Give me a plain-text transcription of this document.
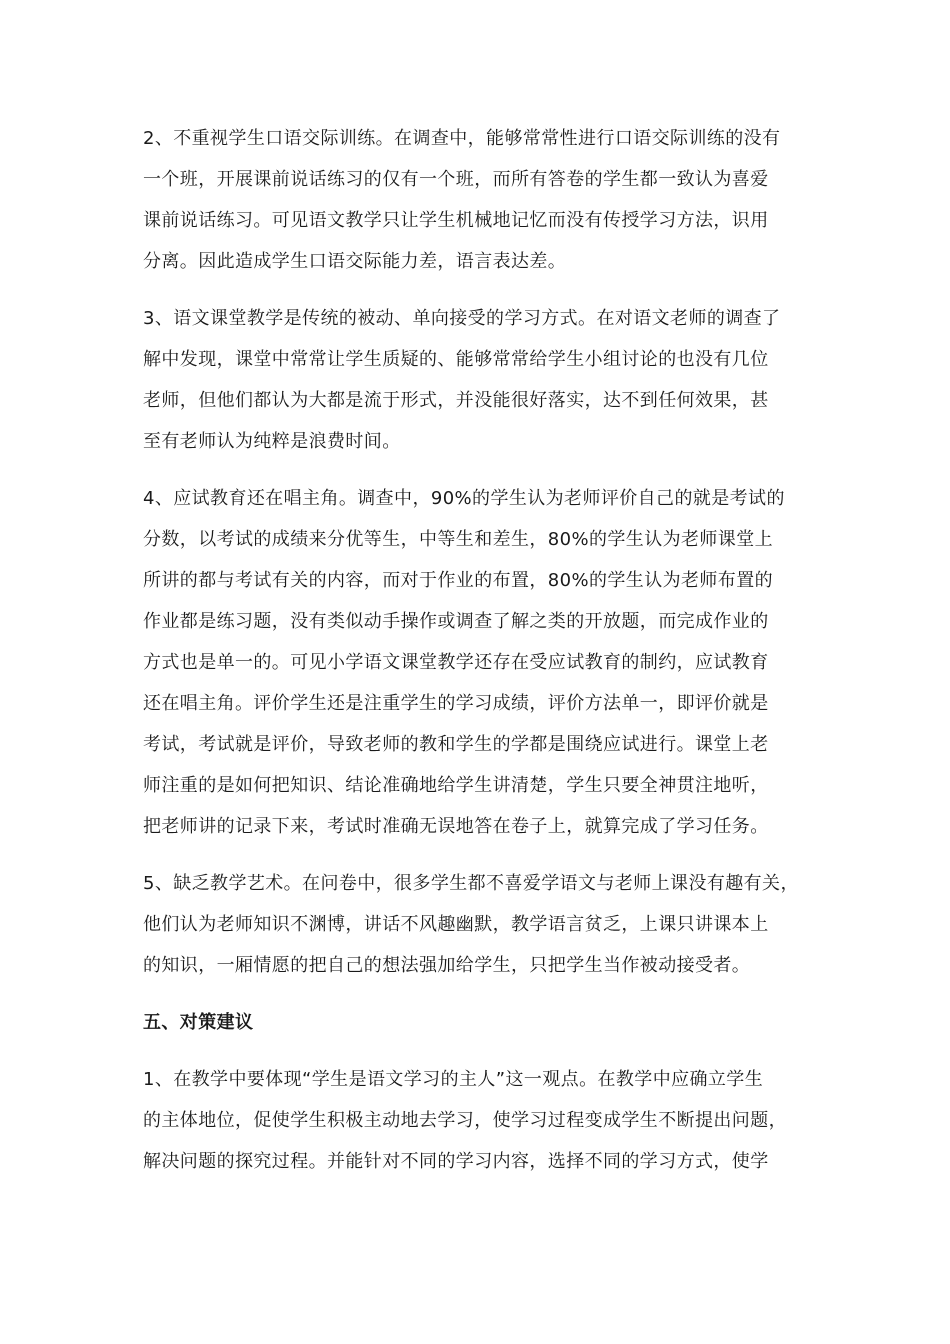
2、不重视学生口语交际训练。在调查中，能够常常性进行口语交际训练的没有
一个班，开展课前说话练习的仅有一个班，而所有答卷的学生都一致认为喜爱
课前说话练习。可见语文教学只让学生机械地记忆而没有传授学习方法，识用
分离。因此造成学生口语交际能力差，语言表达差。
3、语文课堂教学是传统的被动、单向接受的学习方式。在对语文老师的调查了
解中发现，课堂中常常让学生质疑的、能够常常给学生小组讨论的也没有几位
老师，但他们都认为大都是流于形式，并没能很好落实，达不到任何效果，甚
至有老师认为纯粹是浪费时间。
4、应试教育还在唱主角。调查中，90%的学生认为老师评价自己的就是考试的
分数，以考试的成绩来分优等生，中等生和差生，80%的学生认为老师课堂上
所讲的都与考试有关的内容，而对于作业的布置，80%的学生认为老师布置的
作业都是练习题，没有类似动手操作或调查了解之类的开放题，而完成作业的
方式也是单一的。可见小学语文课堂教学还存在受应试教育的制约，应试教育
还在唱主角。评价学生还是注重学生的学习成绩，评价方法单一，即评价就是
考试，考试就是评价，导致老师的教和学生的学都是围绕应试进行。课堂上老
师注重的是如何把知识、结论准确地给学生讲清楚，学生只要全神贯注地听，
把老师讲的记录下来，考试时准确无误地答在卷子上，就算完成了学习任务。
5、缺乏教学艺术。在问卷中，很多学生都不喜爱学语文与老师上课没有趣有关，
他们认为老师知识不渊博，讲话不风趣幽默，教学语言贫乏，上课只讲课本上
的知识，一厢情愿的把自己的想法强加给学生，只把学生当作被动接受者。
五、对策建议
1、在教学中要体现“学生是语文学习的主人”这一观点。在教学中应确立学生
的主体地位，促使学生积极主动地去学习，使学习过程变成学生不断提出问题，
解决问题的探究过程。并能针对不同的学习内容，选择不同的学习方式，使学
